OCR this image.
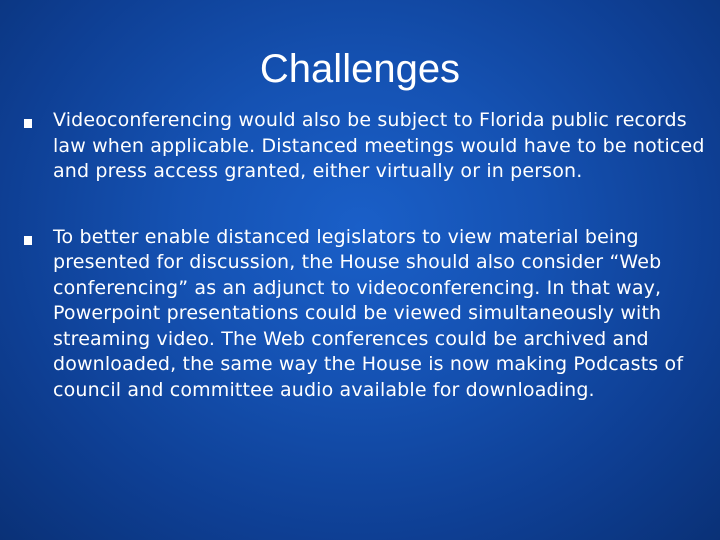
Challenges
Videoconferencing would also be subject to Florida public records law when applicable. Distanced meetings would have to be noticed and press access granted, either virtually or in person.
To better enable distanced legislators to view material being presented for discussion, the House should also consider “Web conferencing” as an adjunct to videoconferencing. In that way, Powerpoint presentations could be viewed simultaneously with streaming video. The Web conferences could be archived and downloaded, the same way the House is now making Podcasts of council and committee audio available for downloading.
